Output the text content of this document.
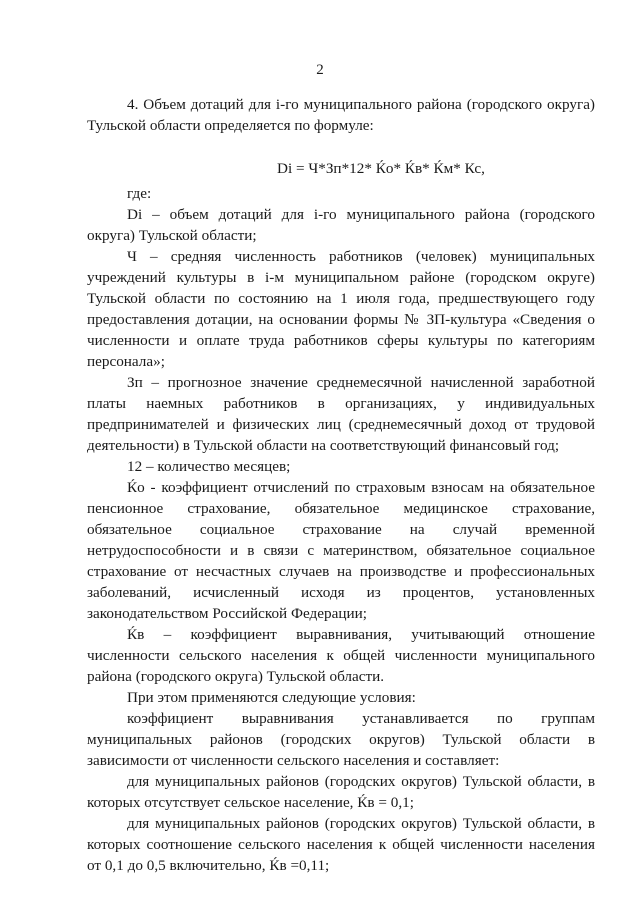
2

4. Объем дотаций для i-го муниципального района (городского округа) Тульской области определяется по формуле:

Di = Ч*Зп*12* Ќо* Ќв* Ќм* Кс,

где:

Di – объем дотаций для i-го муниципального района (городского округа) Тульской области;

Ч – средняя численность работников (человек) муниципальных учреждений культуры в i-м муниципальном районе (городском округе) Тульской области по состоянию на 1 июля года, предшествующего году предоставления дотации, на основании формы № ЗП-культура «Сведения о численности и оплате труда работников сферы культуры по категориям персонала»;

Зп – прогнозное значение среднемесячной начисленной заработной платы наемных работников в организациях, у индивидуальных предпринимателей и физических лиц (среднемесячный доход от трудовой деятельности) в Тульской области на соответствующий финансовый год;

12 – количество месяцев;

Ќо - коэффициент отчислений по страховым взносам на обязательное пенсионное страхование, обязательное медицинское страхование, обязательное социальное страхование на случай временной нетрудоспособности и в связи с материнством, обязательное социальное страхование от несчастных случаев на производстве и профессиональных заболеваний, исчисленный исходя из процентов, установленных законодательством Российской Федерации;

Ќв – коэффициент выравнивания, учитывающий отношение численности сельского населения к общей численности муниципального района (городского округа) Тульской области.

При этом применяются следующие условия:

коэффициент выравнивания устанавливается по группам муниципальных районов (городских округов) Тульской области в зависимости от численности сельского населения и составляет:

для муниципальных районов (городских округов) Тульской области, в которых отсутствует сельское население, Ќв = 0,1;

для муниципальных районов (городских округов) Тульской области, в которых соотношение сельского населения к общей численности населения от 0,1 до 0,5 включительно, Ќв =0,11;
